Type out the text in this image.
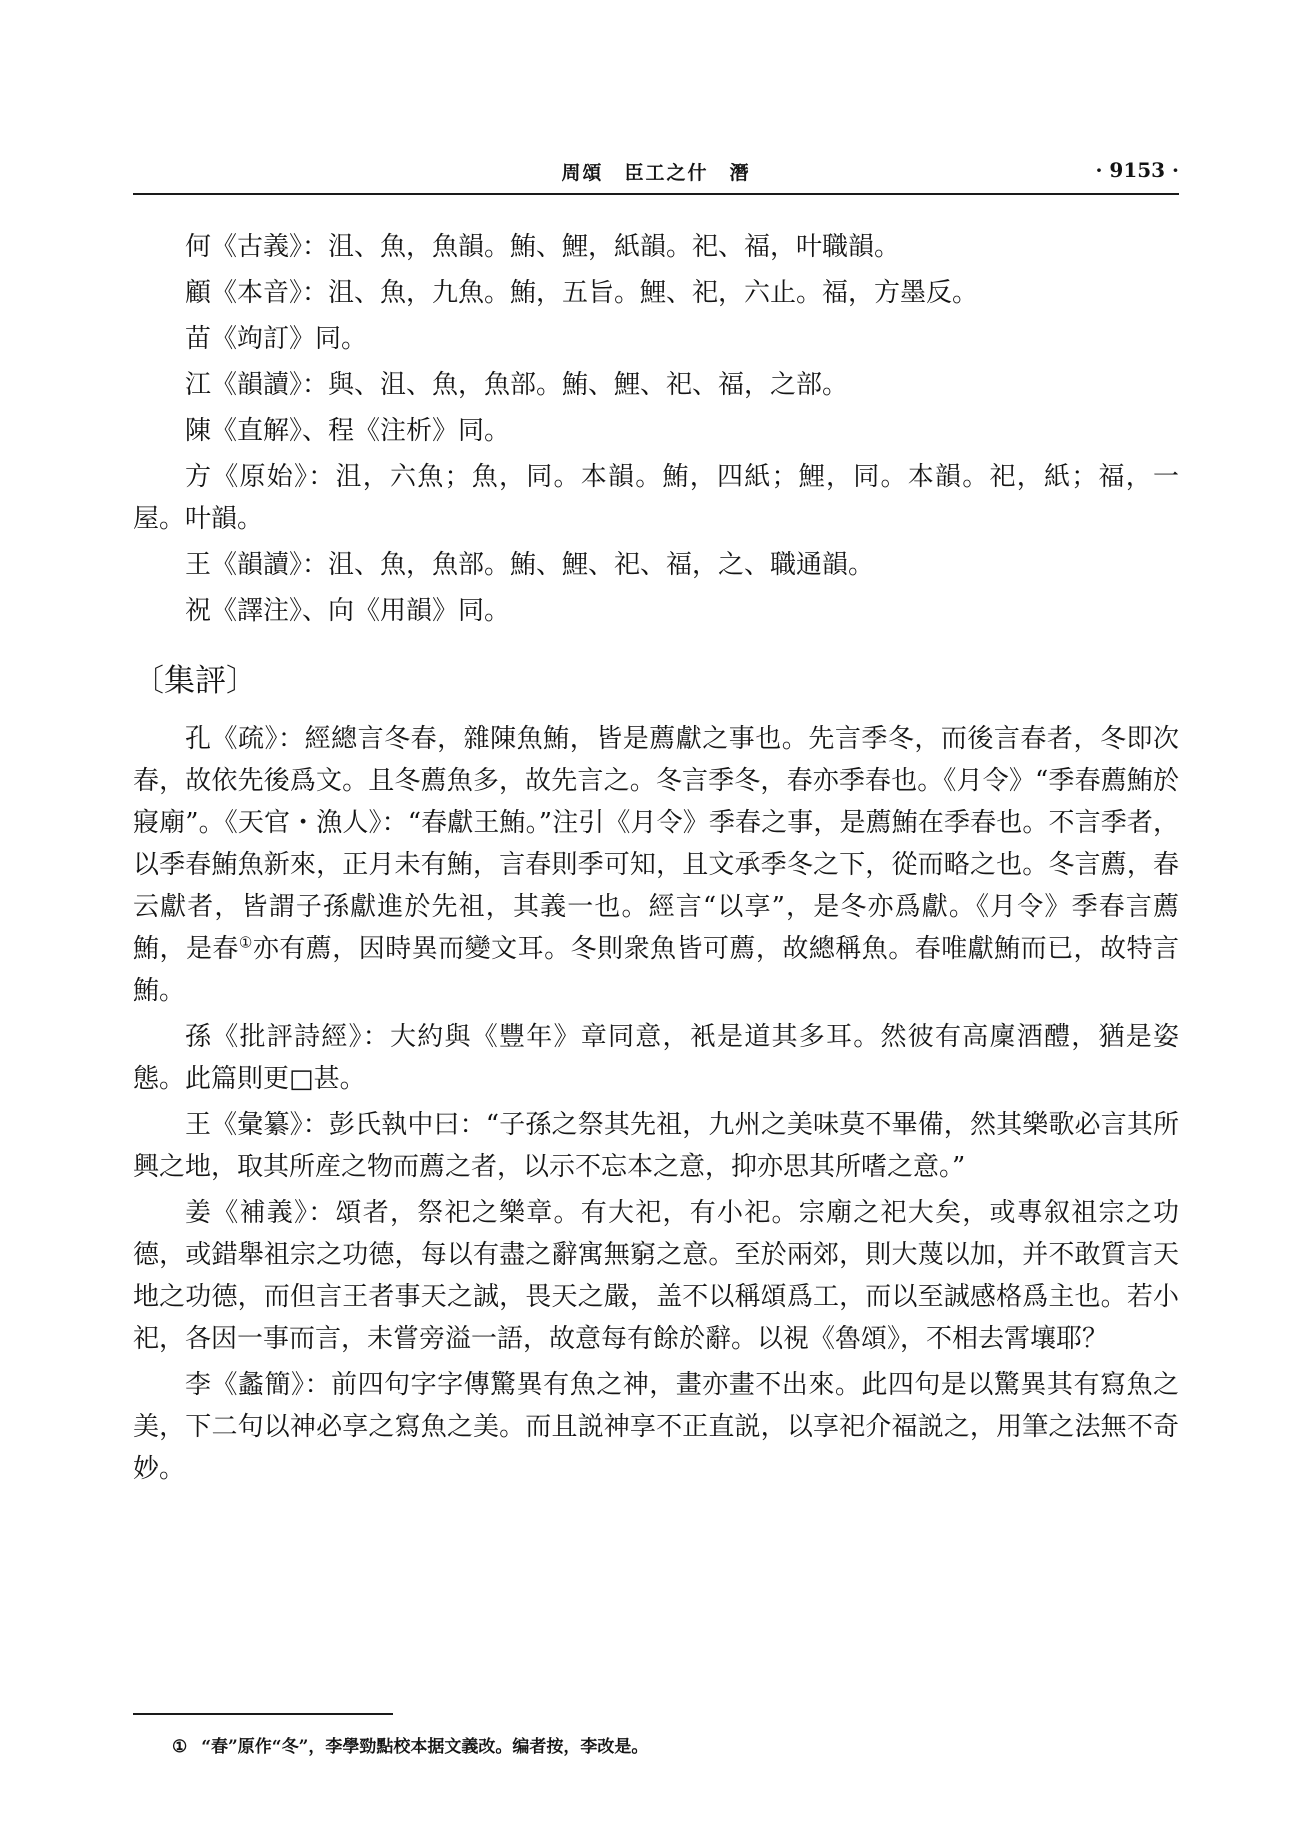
周頌　臣工之什　潛	· 9153 ·

何《古義》：沮、魚，魚韻。鮪、鯉，紙韻。祀、福，叶職韻。

顧《本音》：沮、魚，九魚。鮪，五旨。鯉、祀，六止。福，方墨反。

苗《竘訂》同。

江《韻讀》：與、沮、魚，魚部。鮪、鯉、祀、福，之部。

陳《直解》、程《注析》同。

方《原始》：沮，六魚；魚，同。本韻。鮪，四紙；鯉，同。本韻。祀，紙；福，一屋。叶韻。

王《韻讀》：沮、魚，魚部。鮪、鯉、祀、福，之、職通韻。

祝《譯注》、向《用韻》同。

〔集評〕

孔《疏》：經總言冬春，雜陳魚鮪，皆是薦獻之事也。先言季冬，而後言春者，冬即次春，故依先後爲文。且冬薦魚多，故先言之。冬言季冬，春亦季春也。《月令》“季春薦鮪於寢廟”。《天官・漁人》：“春獻王鮪。”注引《月令》季春之事，是薦鮪在季春也。不言季者，以季春鮪魚新來，正月未有鮪，言春則季可知，且文承季冬之下，從而略之也。冬言薦，春云獻者，皆謂子孫獻進於先祖，其義一也。經言“以享”，是冬亦爲獻。《月令》季春言薦鮪，是春①亦有薦，因時異而變文耳。冬則衆魚皆可薦，故總稱魚。春唯獻鮪而已，故特言鮪。

孫《批評詩經》：大約與《豐年》章同意，衹是道其多耳。然彼有高廩酒醴，猶是姿態。此篇則更□甚。

王《彙纂》：彭氏執中曰：“子孫之祭其先祖，九州之美味莫不畢備，然其樂歌必言其所興之地，取其所産之物而薦之者，以示不忘本之意，抑亦思其所嗜之意。”

姜《補義》：頌者，祭祀之樂章。有大祀，有小祀。宗廟之祀大矣，或專叙祖宗之功德，或錯舉祖宗之功德，每以有盡之辭寓無窮之意。至於兩郊，則大蔑以加，并不敢質言天地之功德，而但言王者事天之誠，畏天之嚴，盖不以稱頌爲工，而以至誠感格爲主也。若小祀，各因一事而言，未嘗旁溢一語，故意每有餘於辭。以視《魯頌》，不相去霄壤耶？

李《蠡簡》：前四句字字傳驚異有魚之神，畫亦畫不出來。此四句是以驚異其有寫魚之美，下二句以神必享之寫魚之美。而且説神享不正直説，以享祀介福説之，用筆之法無不奇妙。

① “春”原作“冬”，李學勁點校本据文義改。编者按，李改是。
